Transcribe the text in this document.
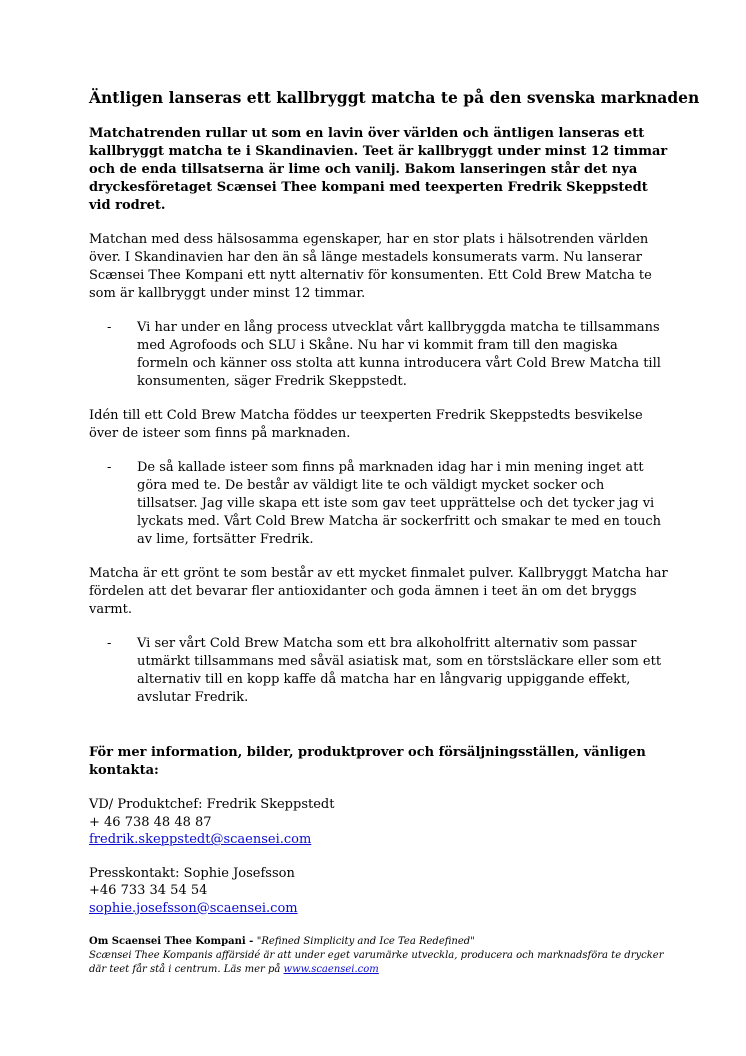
Äntligen lanseras ett kallbryggt matcha te på den svenska marknaden

Matchatrenden rullar ut som en lavin över världen och äntligen lanseras ett kallbryggt matcha te i Skandinavien. Teet är kallbryggt under minst 12 timmar och de enda tillsatserna är lime och vanilj. Bakom lanseringen står det nya dryckesföretaget Scænsei Thee kompani med teexperten Fredrik Skeppstedt vid rodret.

Matchan med dess hälsosamma egenskaper, har en stor plats i hälsotrenden världen över. I Skandinavien har den än så länge mestadels konsumerats varm. Nu lanserar Scænsei Thee Kompani ett nytt alternativ för konsumenten. Ett Cold Brew Matcha te som är kallbryggt under minst 12 timmar.

-	Vi har under en lång process utvecklat vårt kallbryggda matcha te tillsammans med Agrofoods och SLU i Skåne. Nu har vi kommit fram till den magiska formeln och känner oss stolta att kunna introducera vårt Cold Brew Matcha till konsumenten, säger Fredrik Skeppstedt.

Idén till ett Cold Brew Matcha föddes ur teexperten Fredrik Skeppstedts besvikelse över de isteer som finns på marknaden.

-	De så kallade isteer som finns på marknaden idag har i min mening inget att göra med te. De består av väldigt lite te och väldigt mycket socker och tillsatser. Jag ville skapa ett iste som gav teet upprättelse och det tycker jag vi lyckats med. Vårt Cold Brew Matcha är sockerfritt och smakar te med en touch av lime, fortsätter Fredrik.

Matcha är ett grönt te som består av ett mycket finmalet pulver. Kallbryggt Matcha har fördelen att det bevarar fler antioxidanter och goda ämnen i teet än om det bryggs varmt.

-	Vi ser vårt Cold Brew Matcha som ett bra alkoholfritt alternativ som passar utmärkt tillsammans med såväl asiatisk mat, som en törstsläckare eller som ett alternativ till en kopp kaffe då matcha har en långvarig uppiggande effekt, avslutar Fredrik.

För mer information, bilder, produktprover och försäljningsställen, vänligen kontakta:

VD/ Produktchef: Fredrik Skeppstedt
+ 46 738 48 48 87
fredrik.skeppstedt@scaensei.com
Presskontakt: Sophie Josefsson
+46 733 34 54 54
sophie.josefsson@scaensei.com
Om Scaensei Thee Kompani - "Refined Simplicity and Ice Tea Redefined"
Scænsei Thee Kompanis affärsidé är att under eget varumärke utveckla, producera och marknadsföra te drycker där teet får stå i centrum. Läs mer på www.scaensei.com
